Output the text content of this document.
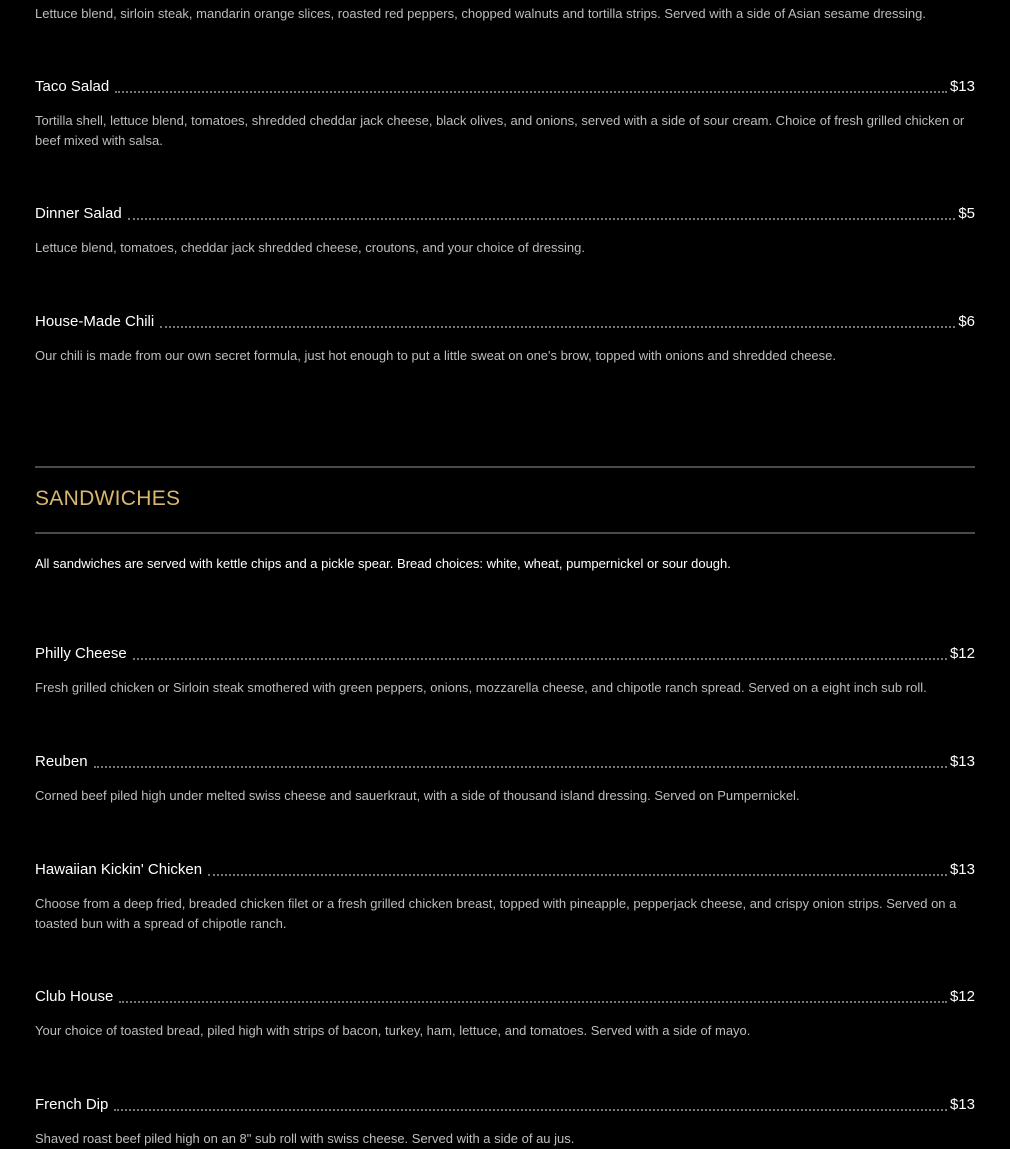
Lettuce blend, sirloin steak, mandarin orange slices, roasted red peppers, chopped walnuts and tortilla strips. Served with a side of Asian sesame dressing.
Taco Salad	$13
Tortilla shell, lettuce blend, tomatoes, shredded cheddar jack cheese, black olives, and onions, served with a side of sour cream. Choice of fresh grilled chicken or beef mixed with salsa.
Dinner Salad	$5
Lettuce blend, tomatoes, cheddar jack shredded cheese, croutons, and your choice of dressing.
House-Made Chili	$6
Our chili is made from our own secret formula, just hot enough to put a little sweat on one's brow, topped with onions and shredded cheese.
SANDWICHES
All sandwiches are served with kettle chips and a pickle spear. Bread choices: white, wheat, pumpernickel or sour dough.
Philly Cheese	$12
Fresh grilled chicken or Sirloin steak smothered with green peppers, onions, mozzarella cheese, and chipotle ranch spread. Served on a eight inch sub roll.
Reuben	$13
Corned beef piled high under melted swiss cheese and sauerkraut, with a side of thousand island dressing. Served on Pumpernickel.
Hawaiian Kickin' Chicken	$13
Choose from a deep fried, breaded chicken filet or a fresh grilled chicken breast, topped with pineapple, pepperjack cheese, and crispy onion strips. Served on a toasted bun with a spread of chipotle ranch.
Club House	$12
Your choice of toasted bread, piled high with strips of bacon, turkey, ham, lettuce, and tomatoes. Served with a side of mayo.
French Dip	$13
Shaved roast beef piled high on an 8" sub roll with swiss cheese. Served with a side of au jus.
